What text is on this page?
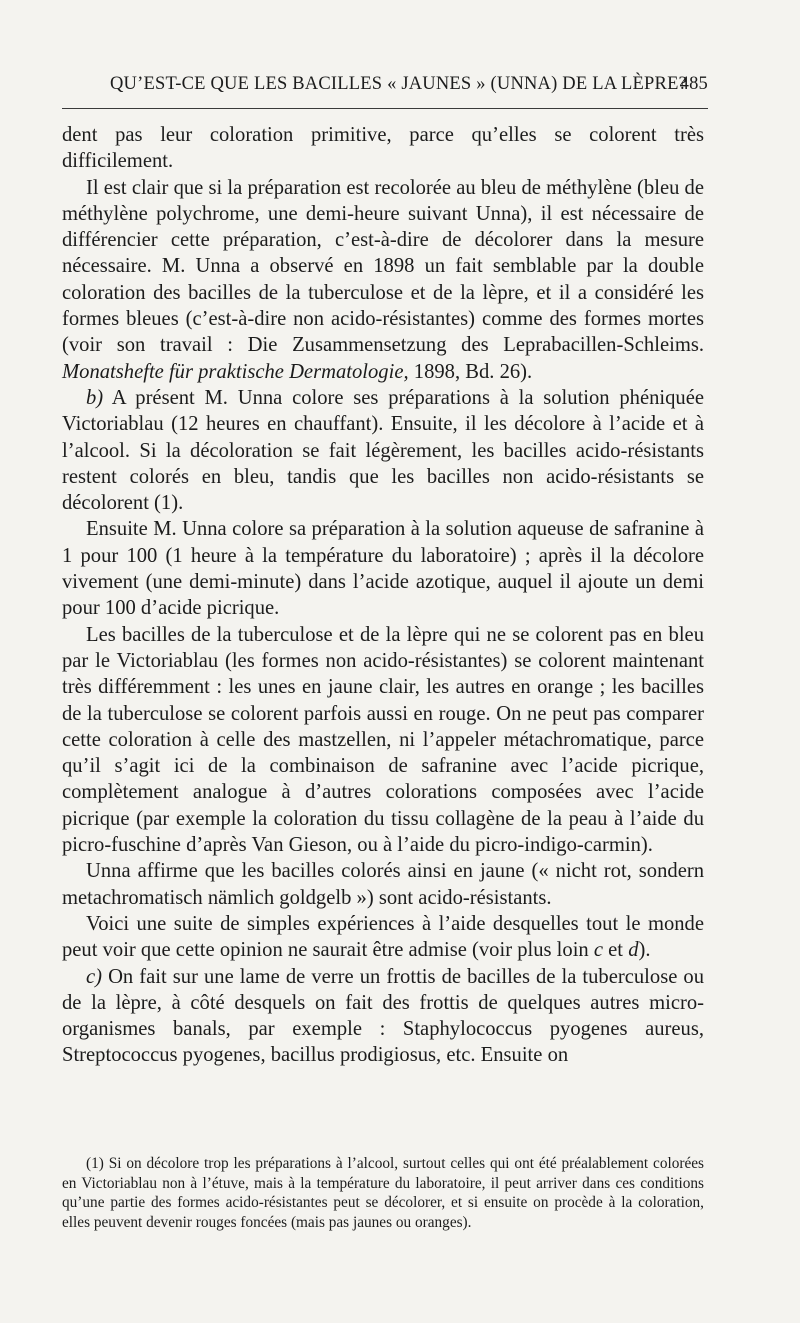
QU’EST-CE QUE LES BACILLES « JAUNES » (UNNA) DE LA LÈPRE?
485

dent pas leur coloration primitive, parce qu’elles se colorent très difficilement.

Il est clair que si la préparation est recolorée au bleu de méthylène (bleu de méthylène polychrome, une demi-heure suivant Unna), il est nécessaire de différencier cette préparation, c’est-à-dire de décolorer dans la mesure nécessaire. M. Unna a observé en 1898 un fait semblable par la double coloration des bacilles de la tuberculose et de la lèpre, et il a considéré les formes bleues (c’est-à-dire non acido-résistantes) comme des formes mortes (voir son travail : Die Zusammensetzung des Leprabacillen-Schleims. Monatshefte für praktische Dermatologie, 1898, Bd. 26).

b) A présent M. Unna colore ses préparations à la solution phéniquée Victoriablau (12 heures en chauffant). Ensuite, il les décolore à l’acide et à l’alcool. Si la décoloration se fait légèrement, les bacilles acido-résistants restent colorés en bleu, tandis que les bacilles non acido-résistants se décolorent (1).

Ensuite M. Unna colore sa préparation à la solution aqueuse de safranine à 1 pour 100 (1 heure à la température du laboratoire) ; après il la décolore vivement (une demi-minute) dans l’acide azotique, auquel il ajoute un demi pour 100 d’acide picrique.

Les bacilles de la tuberculose et de la lèpre qui ne se colorent pas en bleu par le Victoriablau (les formes non acido-résistantes) se colorent maintenant très différemment : les unes en jaune clair, les autres en orange ; les bacilles de la tuberculose se colorent parfois aussi en rouge. On ne peut pas comparer cette coloration à celle des mastzellen, ni l’appeler métachromatique, parce qu’il s’agit ici de la combinaison de safranine avec l’acide picrique, complètement analogue à d’autres colorations composées avec l’acide picrique (par exemple la coloration du tissu collagène de la peau à l’aide du picro-fuschine d’après Van Gieson, ou à l’aide du picro-indigo-carmin).

Unna affirme que les bacilles colorés ainsi en jaune (« nicht rot, sondern metachromatisch nämlich goldgelb ») sont acido-résistants.

Voici une suite de simples expériences à l’aide desquelles tout le monde peut voir que cette opinion ne saurait être admise (voir plus loin c et d).

c) On fait sur une lame de verre un frottis de bacilles de la tuberculose ou de la lèpre, à côté desquels on fait des frottis de quelques autres micro-organismes banals, par exemple : Staphylococcus pyogenes aureus, Streptococcus pyogenes, bacillus prodigiosus, etc. Ensuite on

(1) Si on décolore trop les préparations à l’alcool, surtout celles qui ont été préalablement colorées en Victoriablau non à l’étuve, mais à la température du laboratoire, il peut arriver dans ces conditions qu’une partie des formes acido-résistantes peut se décolorer, et si ensuite on procède à la coloration, elles peuvent devenir rouges foncées (mais pas jaunes ou oranges).
